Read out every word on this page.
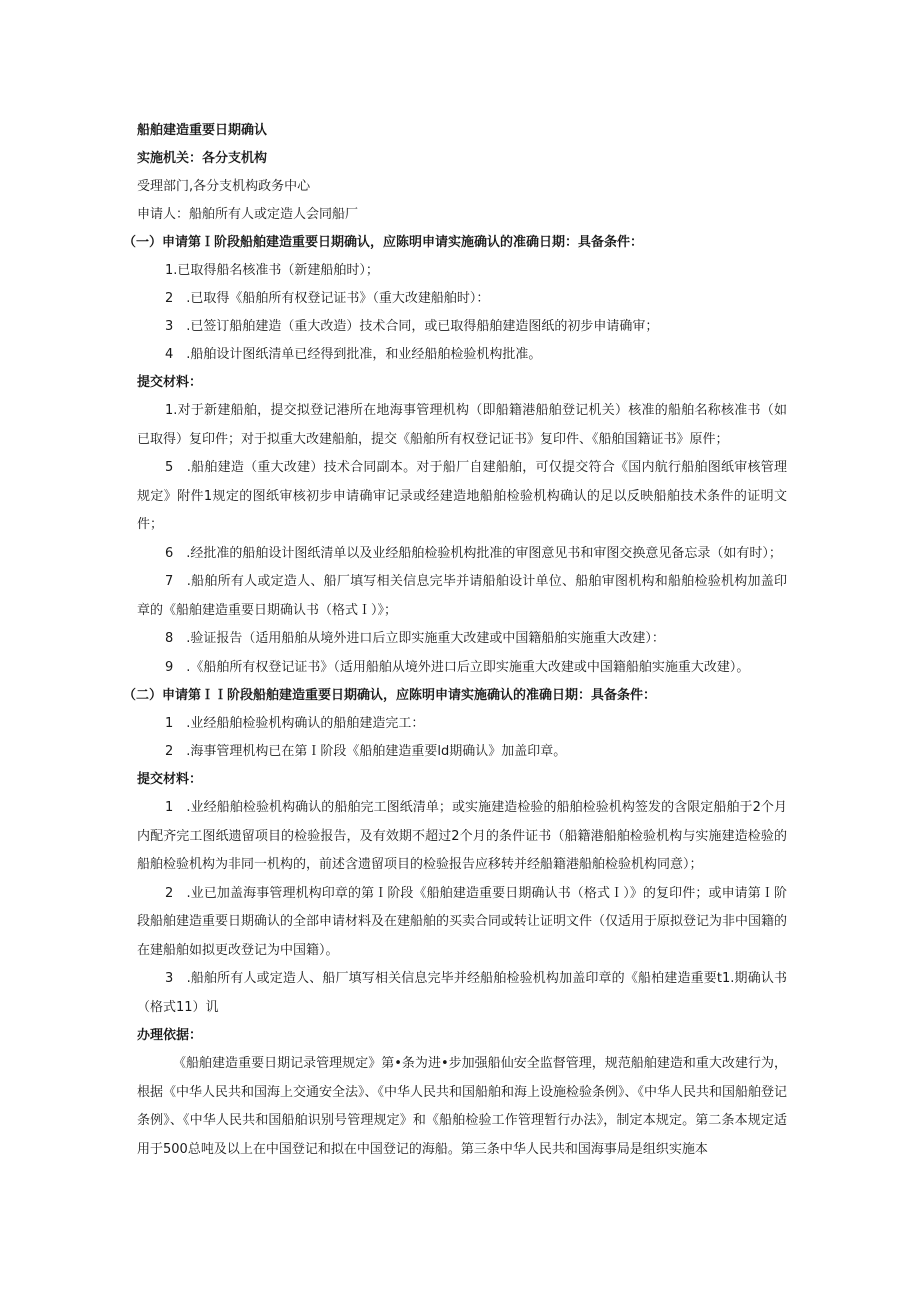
船舶建造重要日期确认
实施机关：各分支机构
受理部门,各分支机构政务中心
申请人：船舶所有人或定造人会同船厂
（一）申请第Ｉ阶段船舶建造重要日期确认，应陈明申请实施确认的准确日期：具备条件：
1.已取得船名核准书（新建船舶时）；
2　.已取得《船舶所有权登记证书》（重大改建船舶时）：
3　.已签订船舶建造（重大改造）技术合同，或已取得船舶建造图纸的初步申请确审；
4　.船舶设计图纸清单已经得到批准，和业经船舶检验机构批准。
提交材料：
1.对于新建船舶，提交拟登记港所在地海事管理机构（即船籍港船舶登记机关）核准的船舶名称核准书（如已取得）复印件；对于拟重大改建船舶，提交《船舶所有权登记证书》复印件、《船舶国籍证书》原件；
5　.船舶建造（重大改建）技术合同副本。对于船厂自建船舶，可仅提交符合《国内航行船舶图纸审核管理规定》附件1规定的图纸审核初步申请确审记录或经建造地船舶检验机构确认的足以反映船舶技术条件的证明文件；
6　.经批准的船舶设计图纸清单以及业经船舶检验机构批准的审图意见书和审图交换意见备忘录（如有时）；
7　.船舶所有人或定造人、船厂填写相关信息完毕并请船舶设计单位、船舶审图机构和船舶检验机构加盖印章的《船舶建造重要日期确认书（格式Ｉ）》；
8　.验证报告（适用船舶从境外进口后立即实施重大改建或中国籍船舶实施重大改建）：
9　.《船舶所有权登记证书》（适用船舶从境外进口后立即实施重大改建或中国籍船舶实施重大改建）。
（二）申请第ＩＩ阶段船舶建造重要日期确认，应陈明申请实施确认的准确日期：具备条件：
1　.业经船舶检验机构确认的船舶建造完工：
2　.海事管理机构已在第Ｉ阶段《船舶建造重要ld期确认》加盖印章。
提交材料：
1　.业经船舶检验机构确认的船舶完工图纸清单；或实施建造检验的船舶检验机构签发的含限定船舶于2个月内配齐完工图纸遗留项目的检验报告，及有效期不超过2个月的条件证书（船籍港船舶检验机构与实施建造检验的船舶检验机构为非同一机构的，前述含遗留项目的检验报告应移转并经船籍港船舶检验机构同意）；
2　.业已加盖海事管理机构印章的第Ｉ阶段《船舶建造重要日期确认书（格式Ｉ）》的复印件；或申请第Ｉ阶段船舶建造重要日期确认的全部申请材料及在建船舶的买卖合同或转让证明文件（仅适用于原拟登记为非中国籍的在建船舶如拟更改登记为中国籍）。
3　.船舶所有人或定造人、船厂填写相关信息完毕并经船舶检验机构加盖印章的《船柏建造重要t1.期确认书（格式11）讥
办理依据：
《船舶建造重要日期记录管理规定》第•条为进•步加强船仙安全监督管理，规范船舶建造和重大改建行为，根据《中华人民共和国海上交通安全法》、《中华人民共和国船舶和海上设施检验条例》、《中华人民共和国船舶登记条例》、《中华人民共和国船舶识别号管理规定》和《船舶检验工作管理暂行办法》，制定本规定。第二条本规定适用于500总吨及以上在中国登记和拟在中国登记的海船。第三条中华人民共和国海事局是组织实施本
